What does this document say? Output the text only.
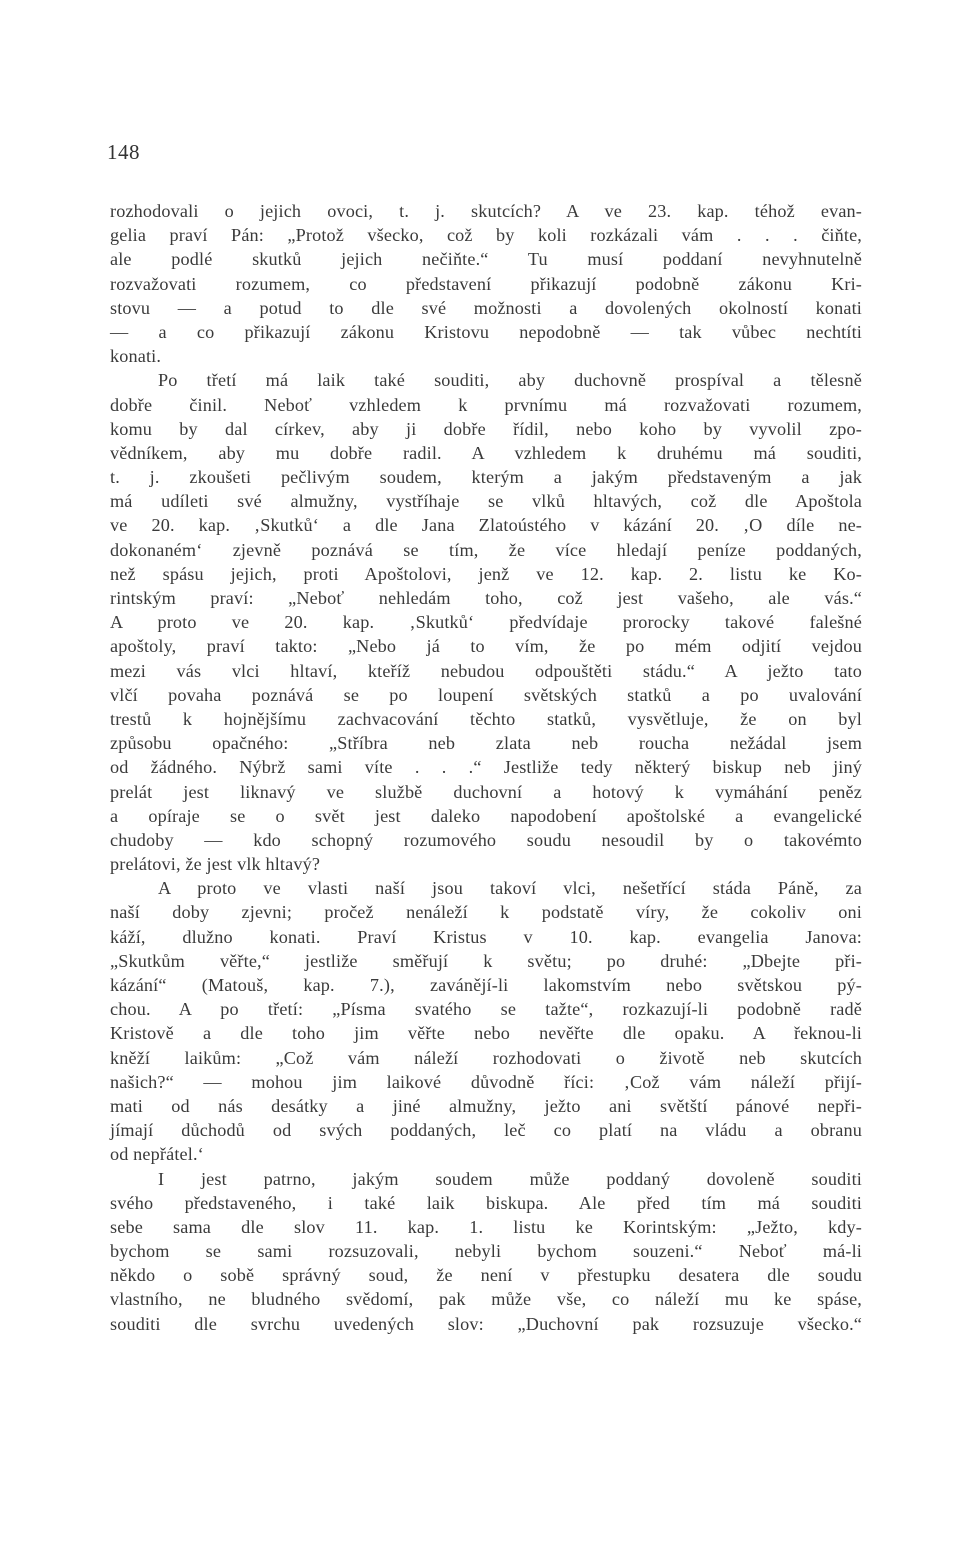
148
rozhodovali o jejich ovoci, t. j. skutcích? A ve 23. kap. téhož evan-
gelia praví Pán: „Protož všecko, což by koli rozkázali vám . . . čiňte,
ale podlé skutků jejich nečiňte.“ Tu musí poddaní nevyhnutelně
rozvažovati rozumem, co představení přikazují podobně zákonu Kri-
stovu — a potud to dle své možnosti a dovolených okolností konati
— a co přikazují zákonu Kristovu nepodobně — tak vůbec nechtíti
konati.
Po třetí má laik také souditi, aby duchovně prospíval a tělesně
dobře činil. Neboť vzhledem k prvnímu má rozvažovati rozumem,
komu by dal církev, aby ji dobře řídil, nebo koho by vyvolil zpo-
vědníkem, aby mu dobře radil. A vzhledem k druhému má souditi,
t. j. zkoušeti pečlivým soudem, kterým a jakým představeným a jak
má udíleti své almužny, vystříhaje se vlků hltavých, což dle Apoštola
ve 20. kap. ‚Skutků‘ a dle Jana Zlatoústého v kázání 20. ‚O díle ne-
dokonaném‘ zjevně poznává se tím, že více hledají peníze poddaných,
než spásu jejich, proti Apoštolovi, jenž ve 12. kap. 2. listu ke Ko-
rintským praví: „Neboť nehledám toho, což jest vašeho, ale vás.“
A proto ve 20. kap. ‚Skutků‘ předvídaje prorocky takové falešné
apoštoly, praví takto: „Nebo já to vím, že po mém odjití vejdou
mezi vás vlci hltaví, kteříž nebudou odpouštěti stádu.“ A ježto tato
vlčí povaha poznává se po loupení světských statků a po uvalování
trestů k hojnějšímu zachvacování těchto statků, vysvětluje, že on byl
způsobu opačného: „Stříbra neb zlata neb roucha nežádal jsem
od žádného. Nýbrž sami víte . . .“ Jestliže tedy některý biskup neb jiný
prelát jest liknavý ve službě duchovní a hotový k vymáhání peněz
a opíraje se o svět jest daleko napodobení apoštolské a evangelické
chudoby — kdo schopný rozumového soudu nesoudil by o takovémto
prelátovi, že jest vlk hltavý?
A proto ve vlasti naší jsou takoví vlci, nešetřící stáda Páně, za
naší doby zjevni; pročež nenáleží k podstatě víry, že cokoliv oni
káží, dlužno konati. Praví Kristus v 10. kap. evangelia Janova:
„Skutkům věřte,“ jestliže směřují k světu; po druhé: „Dbejte při-
kázání“ (Matouš, kap. 7.), zavánějí-li lakomstvím nebo světskou pý-
chou. A po třetí: „Písma svatého se tažte“, rozkazují-li podobně radě
Kristově a dle toho jim věřte nebo nevěřte dle opaku. A řeknou-li
kněží laikům: „Což vám náleží rozhodovati o životě neb skutcích
našich?“ — mohou jim laikové důvodně říci: ‚Což vám náleží přijí-
mati od nás desátky a jiné almužny, ježto ani světští pánové nepři-
jímají důchodů od svých poddaných, leč co platí na vládu a obranu
od nepřátel.‘
I jest patrno, jakým soudem může poddaný dovoleně souditi
svého představeného, i také laik biskupa. Ale před tím má souditi
sebe sama dle slov 11. kap. 1. listu ke Korintským: „Ježto, kdy-
bychom se sami rozsuzovali, nebyli bychom souzeni.“ Neboť má-li
někdo o sobě správný soud, že není v přestupku desatera dle soudu
vlastního, ne bludného svědomí, pak může vše, co náleží mu ke spáse,
souditi dle svrchu uvedených slov: „Duchovní pak rozsuzuje všecko.“
